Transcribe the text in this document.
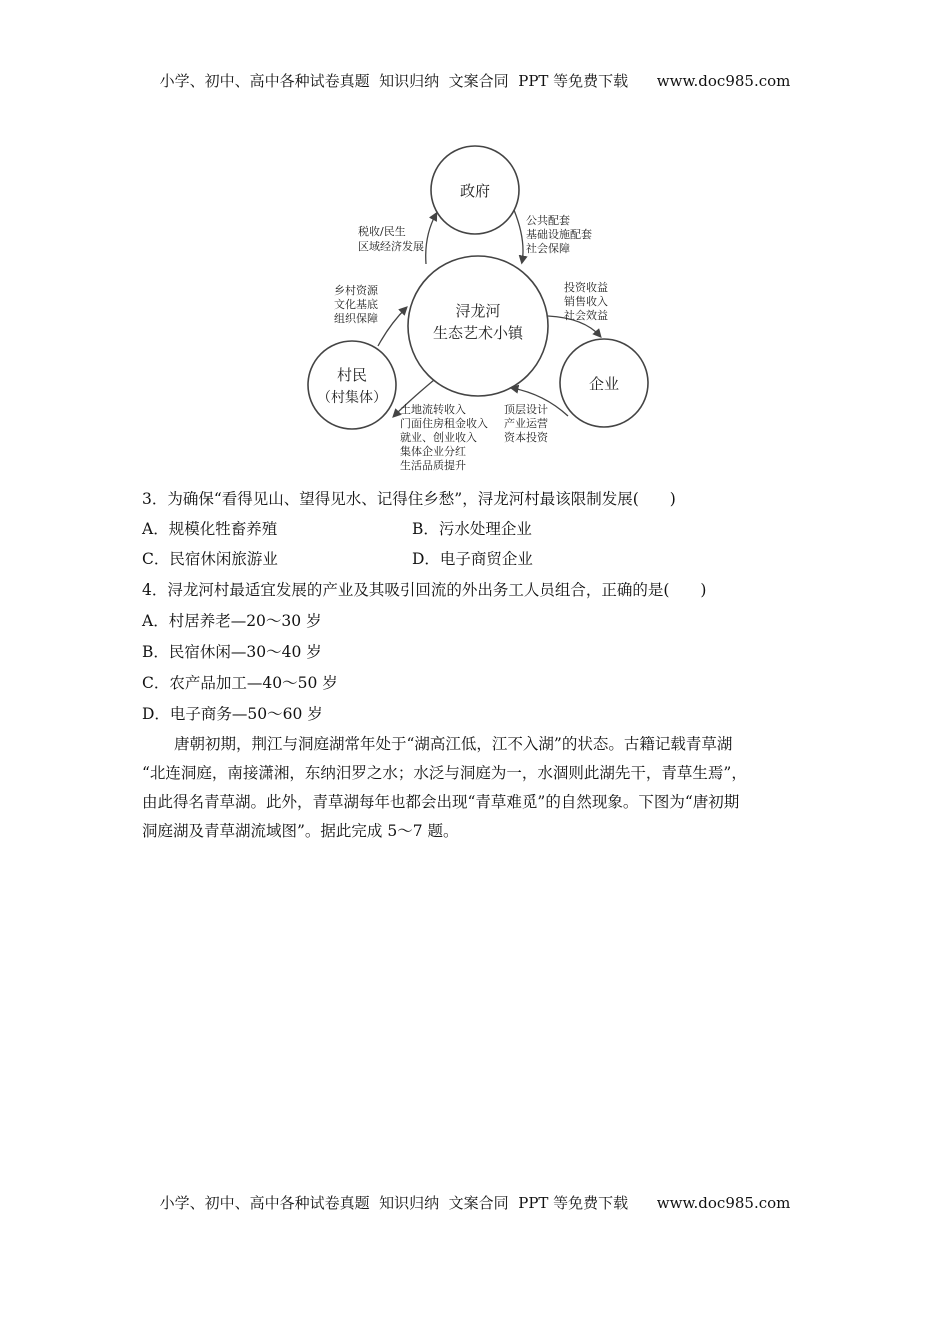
小学、初中、高中各种试卷真题  知识归纳  文案合同  PPT 等免费下载      www.doc985.com
政府
浔龙河
生态艺术小镇
企业
村民
（村集体）
公共配套
基础设施配套
社会保障
税收/民生
区域经济发展
投资收益
销售收入
社会效益
顶层设计
产业运营
资本投资
土地流转收入
门面住房租金收入
就业、创业收入
集体企业分红
生活品质提升
乡村资源
文化基底
组织保障
3．为确保“看得见山、望得见水、记得住乡愁”，浔龙河村最该限制发展(　　)
A．规模化牲畜养殖	B．污水处理企业
C．民宿休闲旅游业	D．电子商贸企业
4．浔龙河村最适宜发展的产业及其吸引回流的外出务工人员组合，正确的是(　　)
A．村居养老—20～30 岁
B．民宿休闲—30～40 岁
C．农产品加工—40～50 岁
D．电子商务—50～60 岁
唐朝初期，荆江与洞庭湖常年处于“湖高江低，江不入湖”的状态。古籍记载青草湖
“北连洞庭，南接潇湘，东纳汨罗之水；水泛与洞庭为一，水涸则此湖先干，青草生焉”，
由此得名青草湖。此外，青草湖每年也都会出现“青草难觅”的自然现象。下图为“唐初期
洞庭湖及青草湖流域图”。据此完成 5～7 题。
小学、初中、高中各种试卷真题  知识归纳  文案合同  PPT 等免费下载      www.doc985.com
